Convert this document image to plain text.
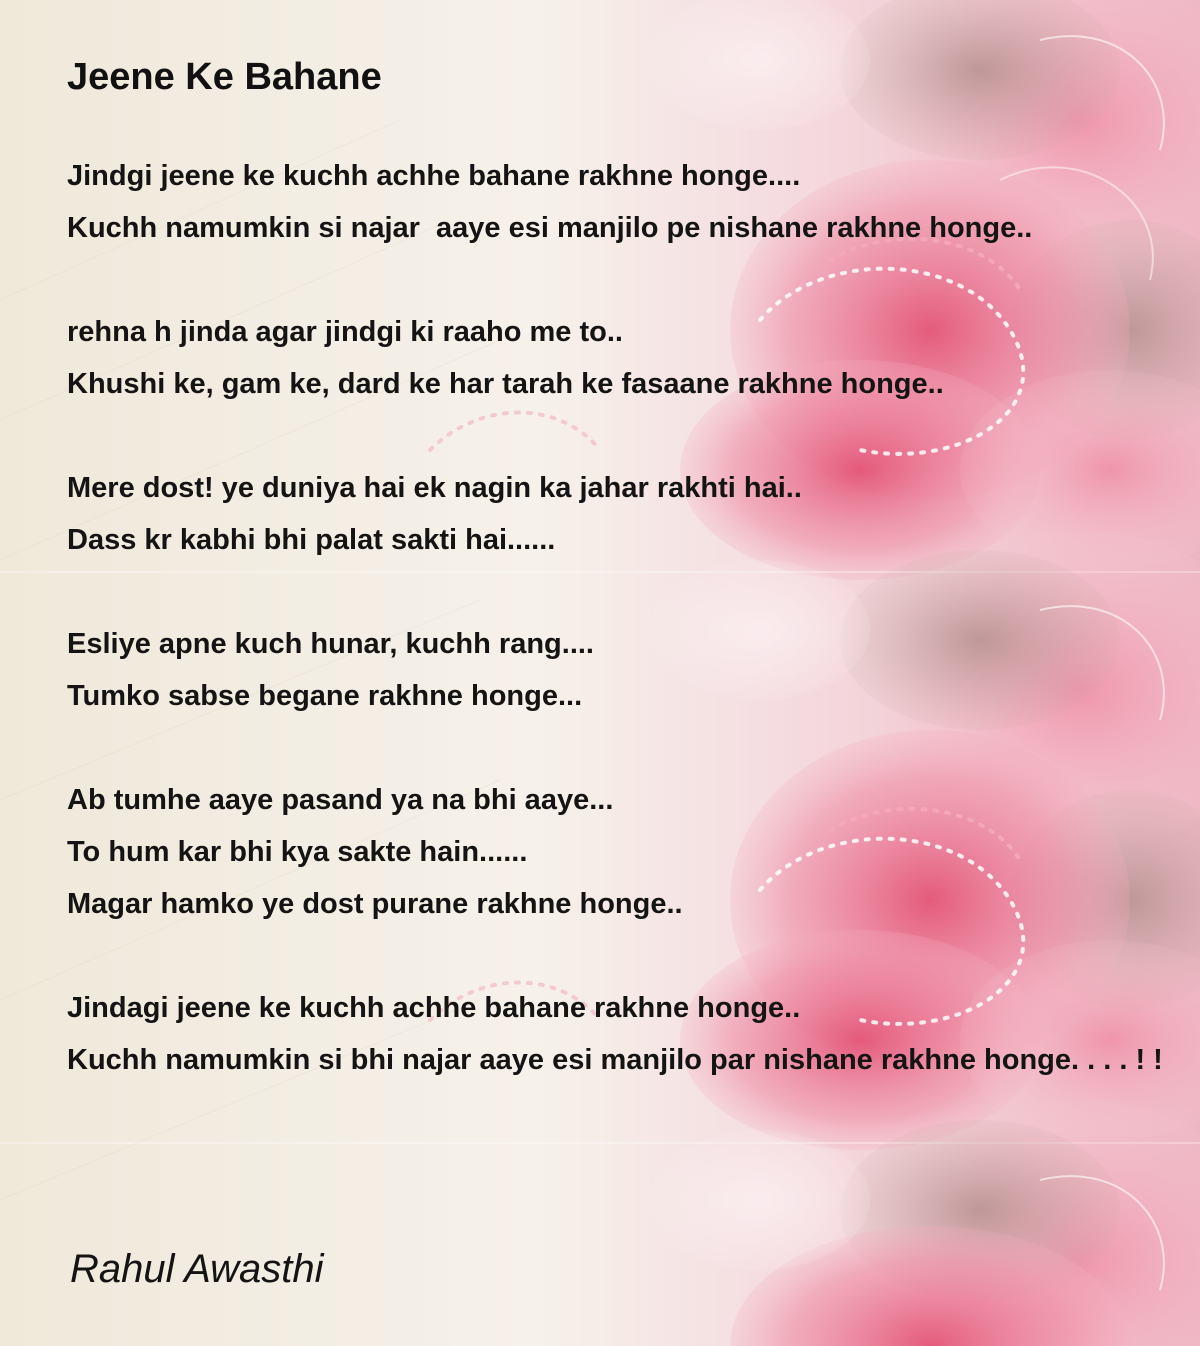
Jeene Ke Bahane
Jindgi jeene ke kuchh achhe bahane rakhne honge....
Kuchh namumkin si najar  aaye esi manjilo pe nishane rakhne honge..
rehna h jinda agar jindgi ki raaho me to..
Khushi ke, gam ke, dard ke har tarah ke fasaane rakhne honge..
Mere dost! ye duniya hai ek nagin ka jahar rakhti hai..
Dass kr kabhi bhi palat sakti hai......
Esliye apne kuch hunar, kuchh rang....
Tumko sabse begane rakhne honge...
Ab tumhe aaye pasand ya na bhi aaye...
To hum kar bhi kya sakte hain......
Magar hamko ye dost purane rakhne honge..
Jindagi jeene ke kuchh achhe bahane rakhne honge..
Kuchh namumkin si bhi najar aaye esi manjilo par nishane rakhne honge. . . . ! !
Rahul Awasthi
